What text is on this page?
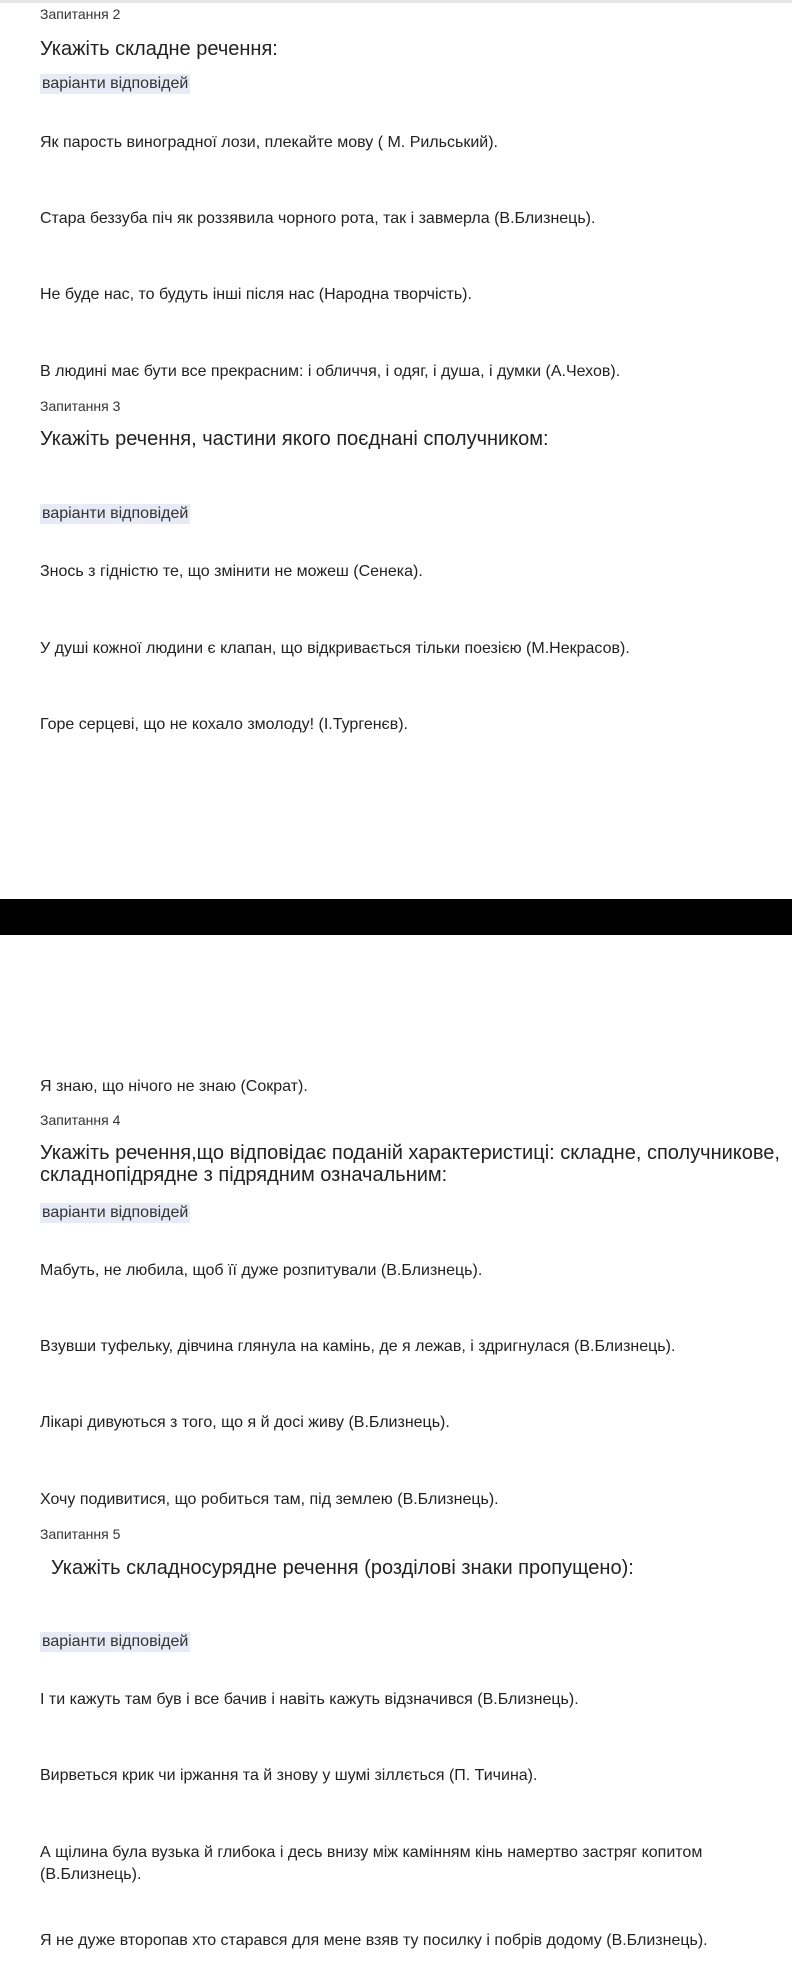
Запитання 2
Укажіть складне речення:
варіанти відповідей
Як парость виноградної лози, плекайте мову ( М. Рильський).
Стара беззуба піч як роззявила чорного рота, так і завмерла (В.Близнець).
Не буде нас, то будуть інші після нас (Народна творчість).
В людині має бути все прекрасним: і обличчя, і одяг, і душа, і думки (А.Чехов).
Запитання 3
Укажіть речення, частини якого поєднані сполучником:
варіанти відповідей
Знось з гідністю те, що змінити не можеш (Сенека).
У душі кожної людини є клапан, що відкривається тільки поезією (М.Некрасов).
Горе серцеві, що не кохало змолоду! (І.Тургенєв).
Я знаю, що нічого не знаю (Сократ).
Запитання 4
Укажіть речення,що відповідає поданій характеристиці: складне, сполучникове,
складнопідрядне з підрядним означальним:
варіанти відповідей
Мабуть, не любила, щоб її дуже розпитували (В.Близнець).
Взувши туфельку, дівчина глянула на камінь, де я лежав, і здригнулася (В.Близнець).
Лікарі дивуються з того, що я й досі живу (В.Близнець).
Хочу подивитися, що робиться там, під землею (В.Близнець).
Запитання 5
Укажіть складносурядне речення (розділові знаки пропущено):
варіанти відповідей
І ти кажуть там був і все бачив і навіть кажуть відзначився (В.Близнець).
Вирветься крик чи іржання та й знову у шумі зіллється (П. Тичина).
А щілина була вузька й глибока і десь внизу між камінням кінь намертво застряг копитом
(В.Близнець).
Я не дуже второпав хто старався для мене взяв ту посилку і побрів додому (В.Близнець).
